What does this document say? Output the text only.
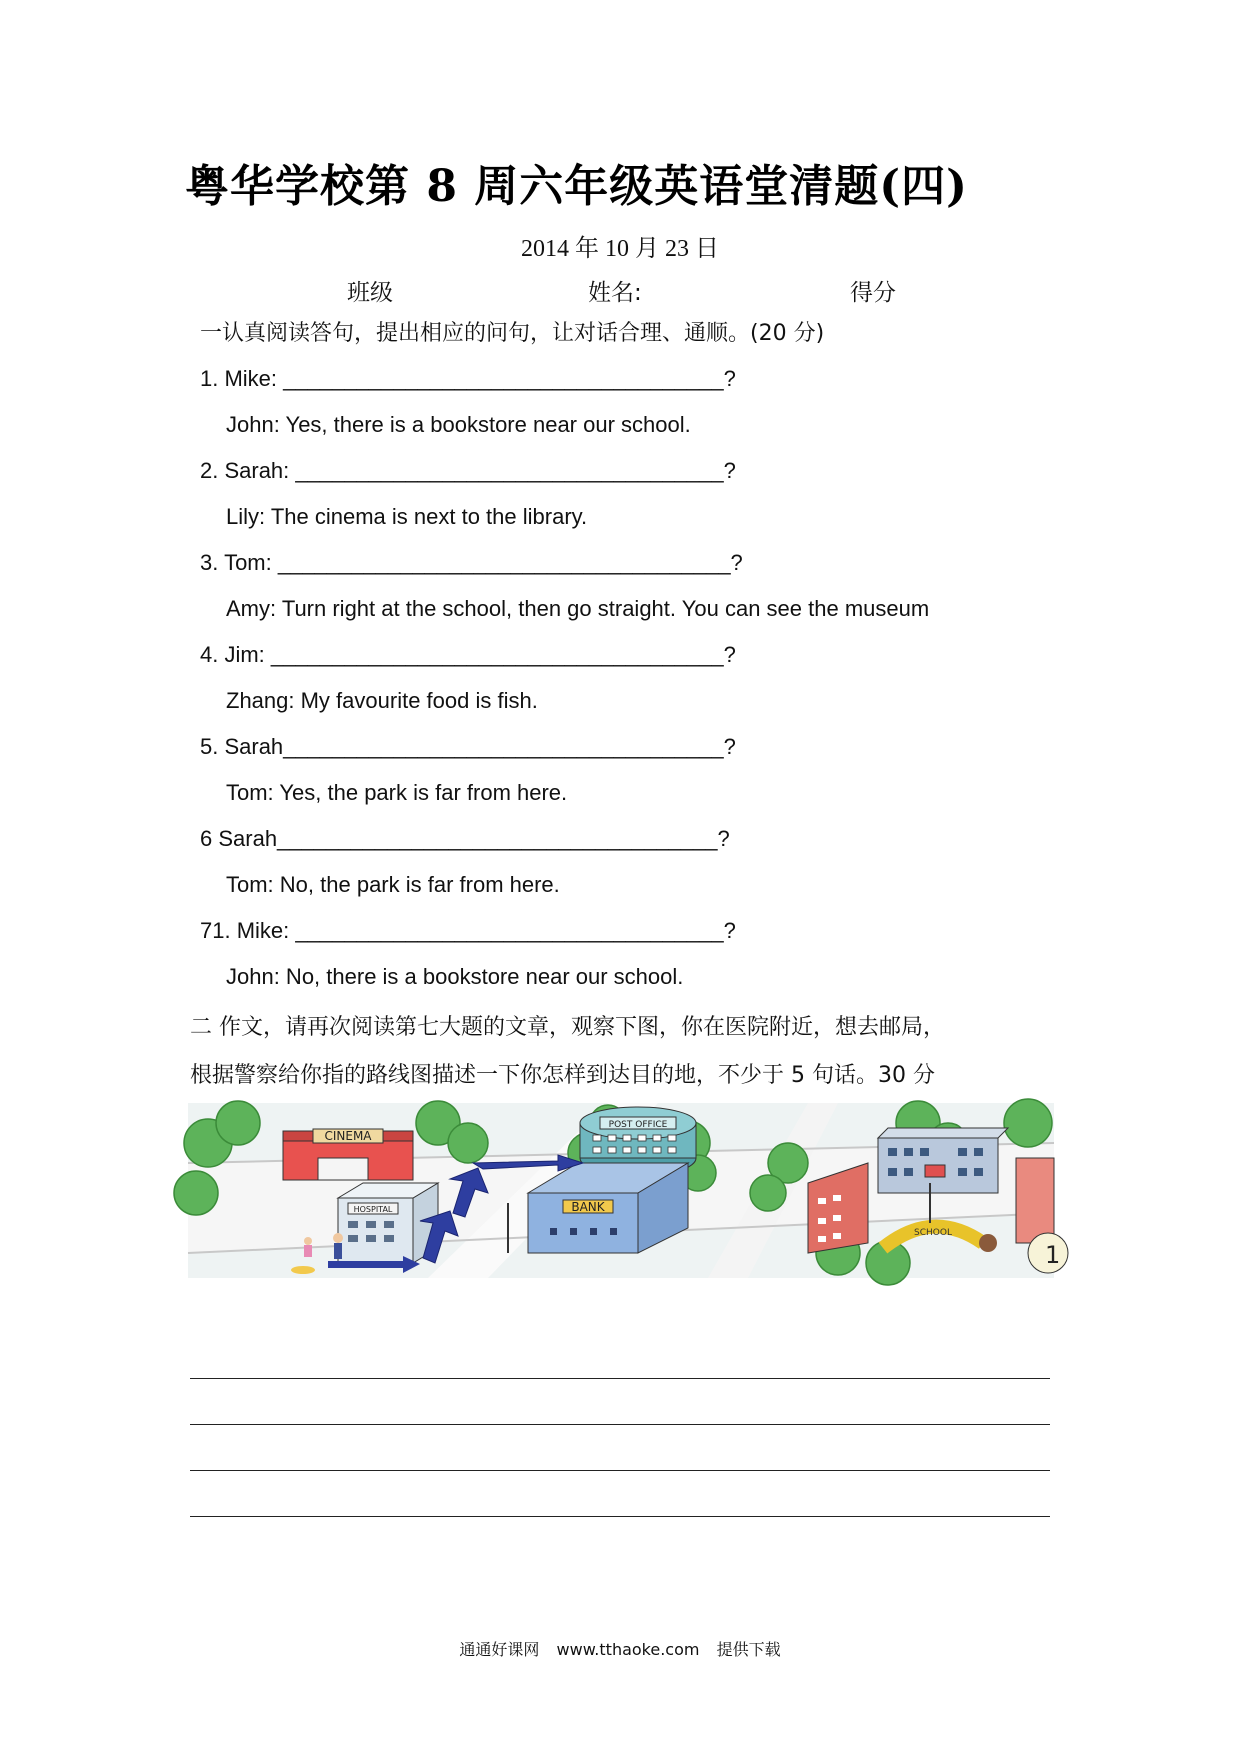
粤华学校第 8 周六年级英语堂清题(四)
2014 年 10 月 23 日
班级	姓名:	得分
一认真阅读答句，提出相应的问句，让对话合理、通顺。(20 分)
1. Mike: ____________________________________?
John: Yes, there is a bookstore near our school.
2. Sarah: ___________________________________?
Lily: The cinema is next to the library.
3. Tom: _____________________________________?
Amy: Turn right at the school, then go straight. You can see the museum
4. Jim: _____________________________________?
Zhang: My favourite food is fish.
5. Sarah____________________________________?
Tom: Yes, the park is far from here.
6 Sarah____________________________________?
Tom: No, the park is far from here.
71. Mike: ___________________________________?
John: No, there is a bookstore near our school.
二 作文，请再次阅读第七大题的文章，观察下图，你在医院附近，想去邮局，
根据警察给你指的路线图描述一下你怎样到达目的地，不少于 5 句话。30 分
CINEMA
POST OFFICE
BANK
HOSPITAL
SCHOOL
1
通通好课网 www.tthaoke.com 提供下载
